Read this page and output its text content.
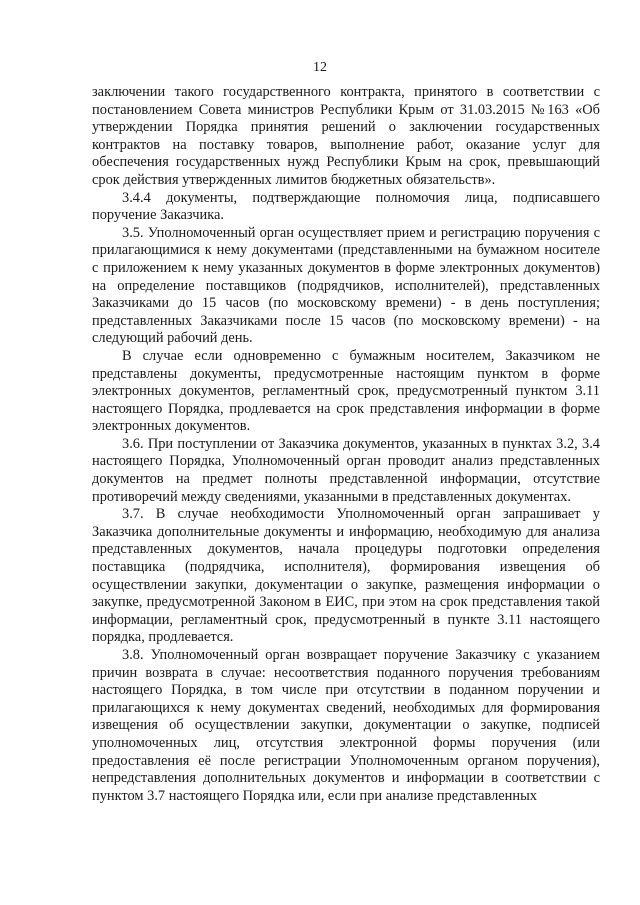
12

заключении такого государственного контракта, принятого в соответствии с постановлением Совета министров Республики Крым от 31.03.2015 №163 «Об утверждении Порядка принятия решений о заключении государственных контрактов на поставку товаров, выполнение работ, оказание услуг для обеспечения государственных нужд Республики Крым на срок, превышающий срок действия утвержденных лимитов бюджетных обязательств».

3.4.4 документы, подтверждающие полномочия лица, подписавшего поручение Заказчика.

3.5. Уполномоченный орган осуществляет прием и регистрацию поручения с прилагающимися к нему документами (представленными на бумажном носителе с приложением к нему указанных документов в форме электронных документов) на определение поставщиков (подрядчиков, исполнителей), представленных Заказчиками до 15 часов (по московскому времени) - в день поступления; представленных Заказчиками после 15 часов (по московскому времени) - на следующий рабочий день.

В случае если одновременно с бумажным носителем, Заказчиком не представлены документы, предусмотренные настоящим пунктом в форме электронных документов, регламентный срок, предусмотренный пунктом 3.11 настоящего Порядка, продлевается на срок представления информации в форме электронных документов.

3.6. При поступлении от Заказчика документов, указанных в пунктах 3.2, 3.4 настоящего Порядка, Уполномоченный орган проводит анализ представленных документов на предмет полноты представленной информации, отсутствие противоречий между сведениями, указанными в представленных документах.

3.7. В случае необходимости Уполномоченный орган запрашивает у Заказчика дополнительные документы и информацию, необходимую для анализа представленных документов, начала процедуры подготовки определения поставщика (подрядчика, исполнителя), формирования извещения об осуществлении закупки, документации о закупке, размещения информации о закупке, предусмотренной Законом в ЕИС, при этом на срок представления такой информации, регламентный срок, предусмотренный в пункте 3.11 настоящего порядка, продлевается.

3.8. Уполномоченный орган возвращает поручение Заказчику с указанием причин возврата в случае: несоответствия поданного поручения требованиям настоящего Порядка, в том числе при отсутствии в поданном поручении и прилагающихся к нему документах сведений, необходимых для формирования извещения об осуществлении закупки, документации о закупке, подписей уполномоченных лиц, отсутствия электронной формы поручения (или предоставления её после регистрации Уполномоченным органом поручения), непредставления дополнительных документов и информации в соответствии с пунктом 3.7 настоящего Порядка или, если при анализе представленных
